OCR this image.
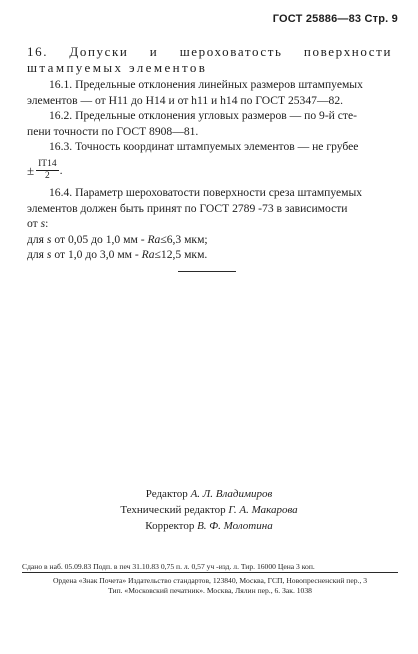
ГОСТ 25886—83 Стр. 9
16. Допуски и шероховатость поверхности
штампуемых элементов
16.1. Предельные отклонения линейных размеров штампуемых
элементов — от H11 до H14 и от h11 и h14 по ГОСТ 25347—82.
16.2. Предельные отклонения угловых размеров — по 9-й сте-
пени точности по ГОСТ 8908—81.
16.3. Точность координат штампуемых элементов — не грубее
± $\frac{IT14}{2}$ .
16.4. Параметр шероховатости поверхности среза штампуемых
элементов должен быть принят по ГОСТ 2789 -73 в зависимости
от s:
для s от 0,05 до 1,0 мм - Ra≤6,3 мкм;
для s от 1,0 до 3,0 мм - Ra≤12,5 мкм.
Редактор А. Л. Владимиров
Технический редактор Г. А. Макарова
Корректор В. Ф. Молотина
Сдано в наб. 05.09.83 Подп. в печ 31.10.83 0,75 п. л. 0,57 уч -изд. л. Тир. 16000 Цена 3 коп.
Ордена «Знак Почета» Издательство стандартов, 123840, Москва, ГСП, Новопресненский пер., 3
Тип. «Московский печатник». Москва, Лялин пер., 6. Зак. 1038
